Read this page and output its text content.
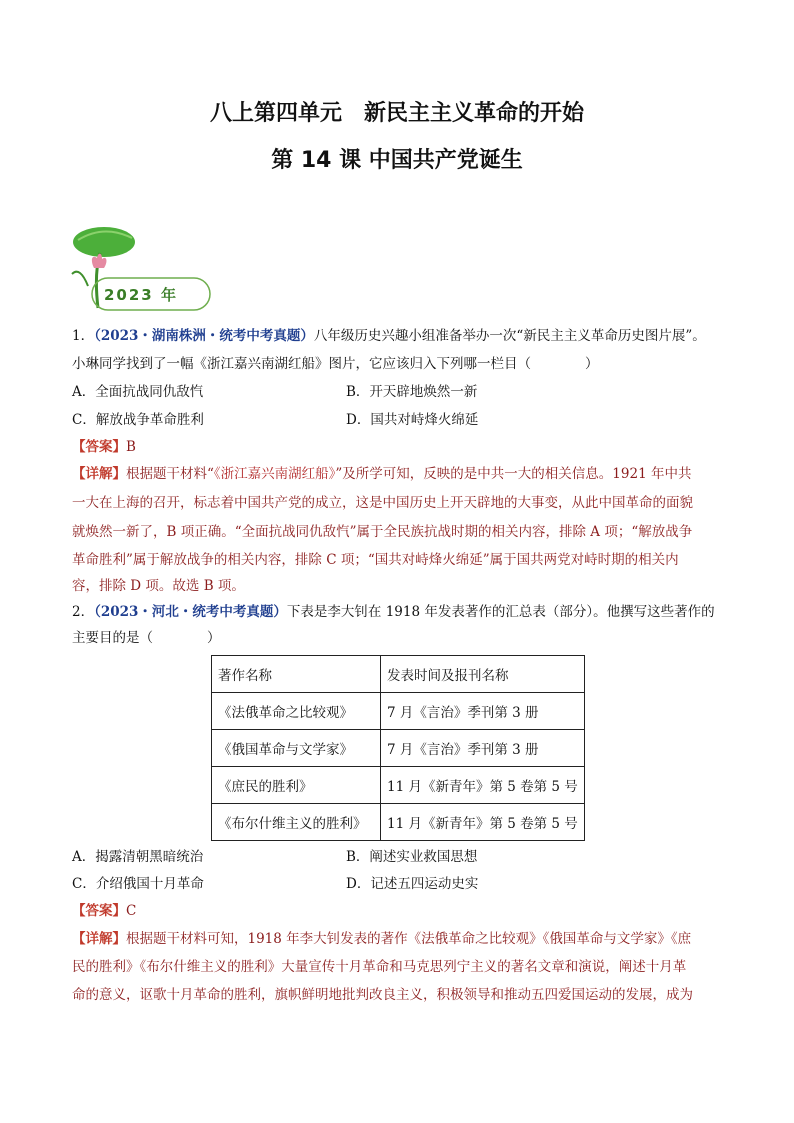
八上第四单元　新民主主义革命的开始
第 14 课 中国共产党诞生
2023 年
1．（2023・湖南株洲・统考中考真题）八年级历史兴趣小组准备举办一次“新民主主义革命历史图片展”。
小琳同学找到了一幅《浙江嘉兴南湖红船》图片，它应该归入下列哪一栏目（　　　　）
A．全面抗战同仇敌忾	B．开天辟地焕然一新
C．解放战争革命胜利	D．国共对峙烽火绵延
【答案】B
【详解】根据题干材料“《浙江嘉兴南湖红船》”及所学可知，反映的是中共一大的相关信息。1921 年中共
一大在上海的召开，标志着中国共产党的成立，这是中国历史上开天辟地的大事变，从此中国革命的面貌
就焕然一新了，B 项正确。“全面抗战同仇敌忾”属于全民族抗战时期的相关内容，排除 A 项；“解放战争
革命胜利”属于解放战争的相关内容，排除 C 项；“国共对峙烽火绵延”属于国共两党对峙时期的相关内
容，排除 D 项。故选 B 项。
2．（2023・河北・统考中考真题）下表是李大钊在 1918 年发表著作的汇总表（部分）。他撰写这些著作的
主要目的是（　　　　）
著作名称	发表时间及报刊名称
《法俄革命之比较观》	7 月《言治》季刊第 3 册
《俄国革命与文学家》	7 月《言治》季刊第 3 册
《庶民的胜利》	11 月《新青年》第 5 卷第 5 号
《布尔什维主义的胜利》	11 月《新青年》第 5 卷第 5 号
A．揭露清朝黑暗统治	B．阐述实业救国思想
C．介绍俄国十月革命	D．记述五四运动史实
【答案】C
【详解】根据题干材料可知，1918 年李大钊发表的著作《法俄革命之比较观》《俄国革命与文学家》《庶
民的胜利》《布尔什维主义的胜利》大量宣传十月革命和马克思列宁主义的著名文章和演说，阐述十月革
命的意义，讴歌十月革命的胜利，旗帜鲜明地批判改良主义，积极领导和推动五四爱国运动的发展，成为
